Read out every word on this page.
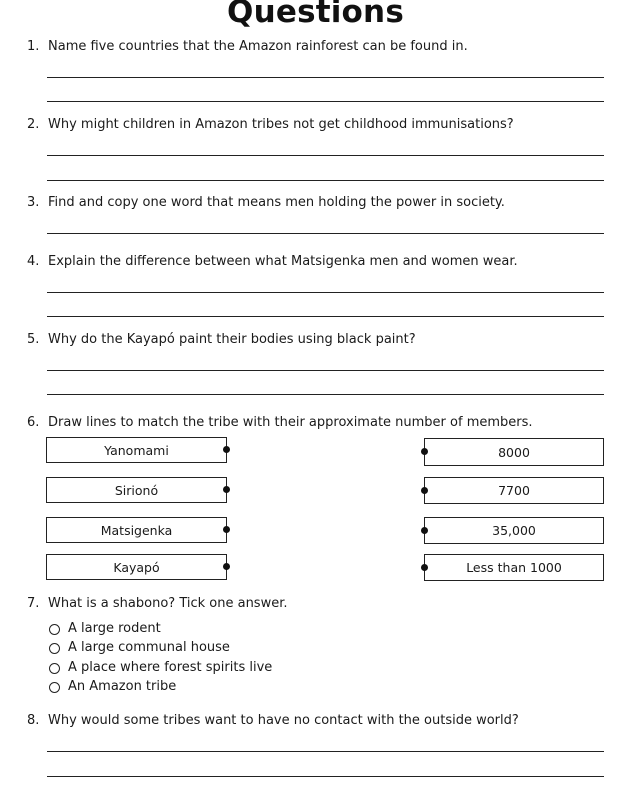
Questions
1. Name five countries that the Amazon rainforest can be found in.
2. Why might children in Amazon tribes not get childhood immunisations?
3. Find and copy one word that means men holding the power in society.
4. Explain the difference between what Matsigenka men and women wear.
5. Why do the Kayapó paint their bodies using black paint?
6. Draw lines to match the tribe with their approximate number of members.
Yanomami
Sirionó
Matsigenka
Kayapó
8000
7700
35,000
Less than 1000
7. What is a shabono? Tick one answer.
A large rodent
A large communal house
A place where forest spirits live
An Amazon tribe
8. Why would some tribes want to have no contact with the outside world?
